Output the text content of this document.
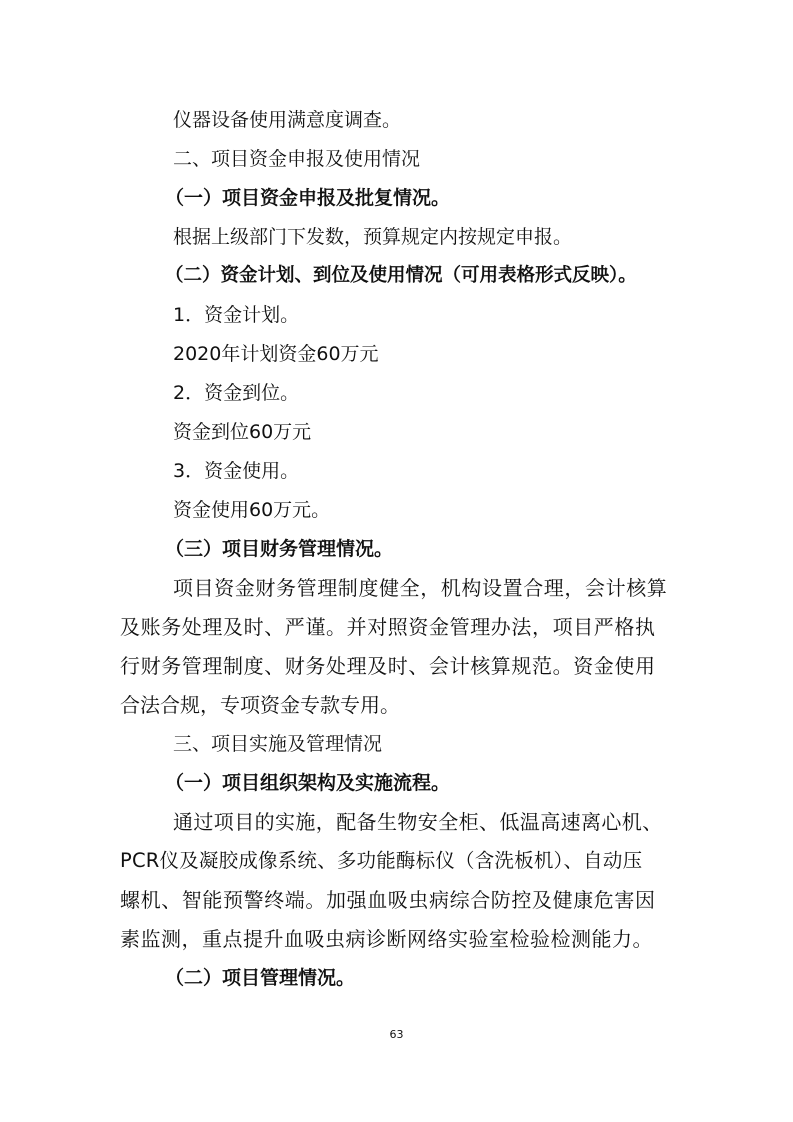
仪器设备使用满意度调查。
二、项目资金申报及使用情况
（一）项目资金申报及批复情况。
根据上级部门下发数，预算规定内按规定申报。
（二）资金计划、到位及使用情况（可用表格形式反映）。
1．资金计划。
2020年计划资金60万元
2．资金到位。
资金到位60万元
3．资金使用。
资金使用60万元。
（三）项目财务管理情况。
项目资金财务管理制度健全，机构设置合理，会计核算
及账务处理及时、严谨。并对照资金管理办法，项目严格执
行财务管理制度、财务处理及时、会计核算规范。资金使用
合法合规，专项资金专款专用。
三、项目实施及管理情况
（一）项目组织架构及实施流程。
通过项目的实施，配备生物安全柜、低温高速离心机、
PCR仪及凝胶成像系统、多功能酶标仪（含洗板机）、自动压
螺机、智能预警终端。加强血吸虫病综合防控及健康危害因
素监测，重点提升血吸虫病诊断网络实验室检验检测能力。
（二）项目管理情况。
63
